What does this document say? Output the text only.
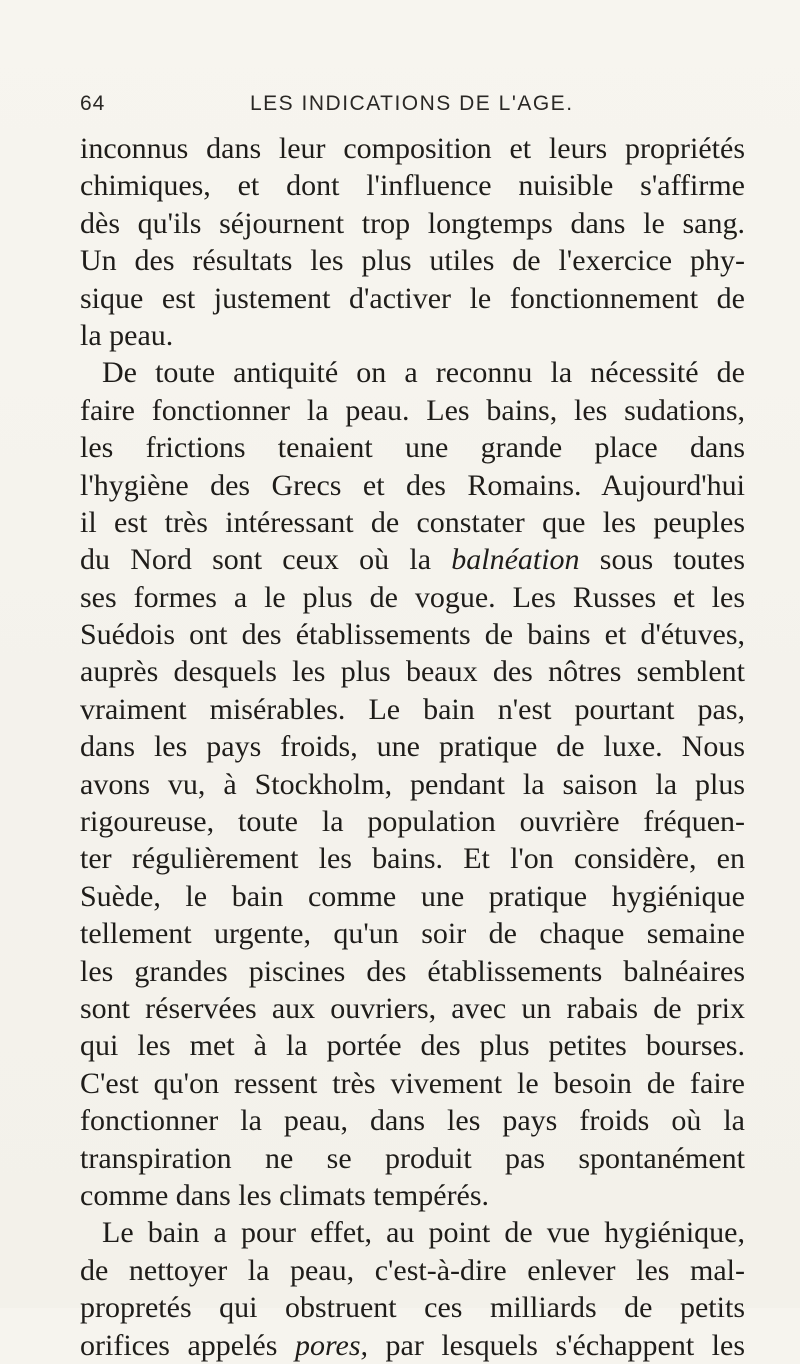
64	LES INDICATIONS DE L'AGE.
inconnus dans leur composition et leurs propriétés
chimiques, et dont l'influence nuisible s'affirme
dès qu'ils séjournent trop longtemps dans le sang.
Un des résultats les plus utiles de l'exercice phy-
sique est justement d'activer le fonctionnement de
la peau.
De toute antiquité on a reconnu la nécessité de
faire fonctionner la peau. Les bains, les sudations,
les frictions tenaient une grande place dans
l'hygiène des Grecs et des Romains. Aujourd'hui
il est très intéressant de constater que les peuples
du Nord sont ceux où la balnéation sous toutes
ses formes a le plus de vogue. Les Russes et les
Suédois ont des établissements de bains et d'étuves,
auprès desquels les plus beaux des nôtres semblent
vraiment misérables. Le bain n'est pourtant pas,
dans les pays froids, une pratique de luxe. Nous
avons vu, à Stockholm, pendant la saison la plus
rigoureuse, toute la population ouvrière fréquen-
ter régulièrement les bains. Et l'on considère, en
Suède, le bain comme une pratique hygiénique
tellement urgente, qu'un soir de chaque semaine
les grandes piscines des établissements balnéaires
sont réservées aux ouvriers, avec un rabais de prix
qui les met à la portée des plus petites bourses.
C'est qu'on ressent très vivement le besoin de faire
fonctionner la peau, dans les pays froids où la
transpiration ne se produit pas spontanément
comme dans les climats tempérés.
Le bain a pour effet, au point de vue hygiénique,
de nettoyer la peau, c'est-à-dire enlever les mal-
propretés qui obstruent ces milliards de petits
orifices appelés pores, par lesquels s'échappent les
